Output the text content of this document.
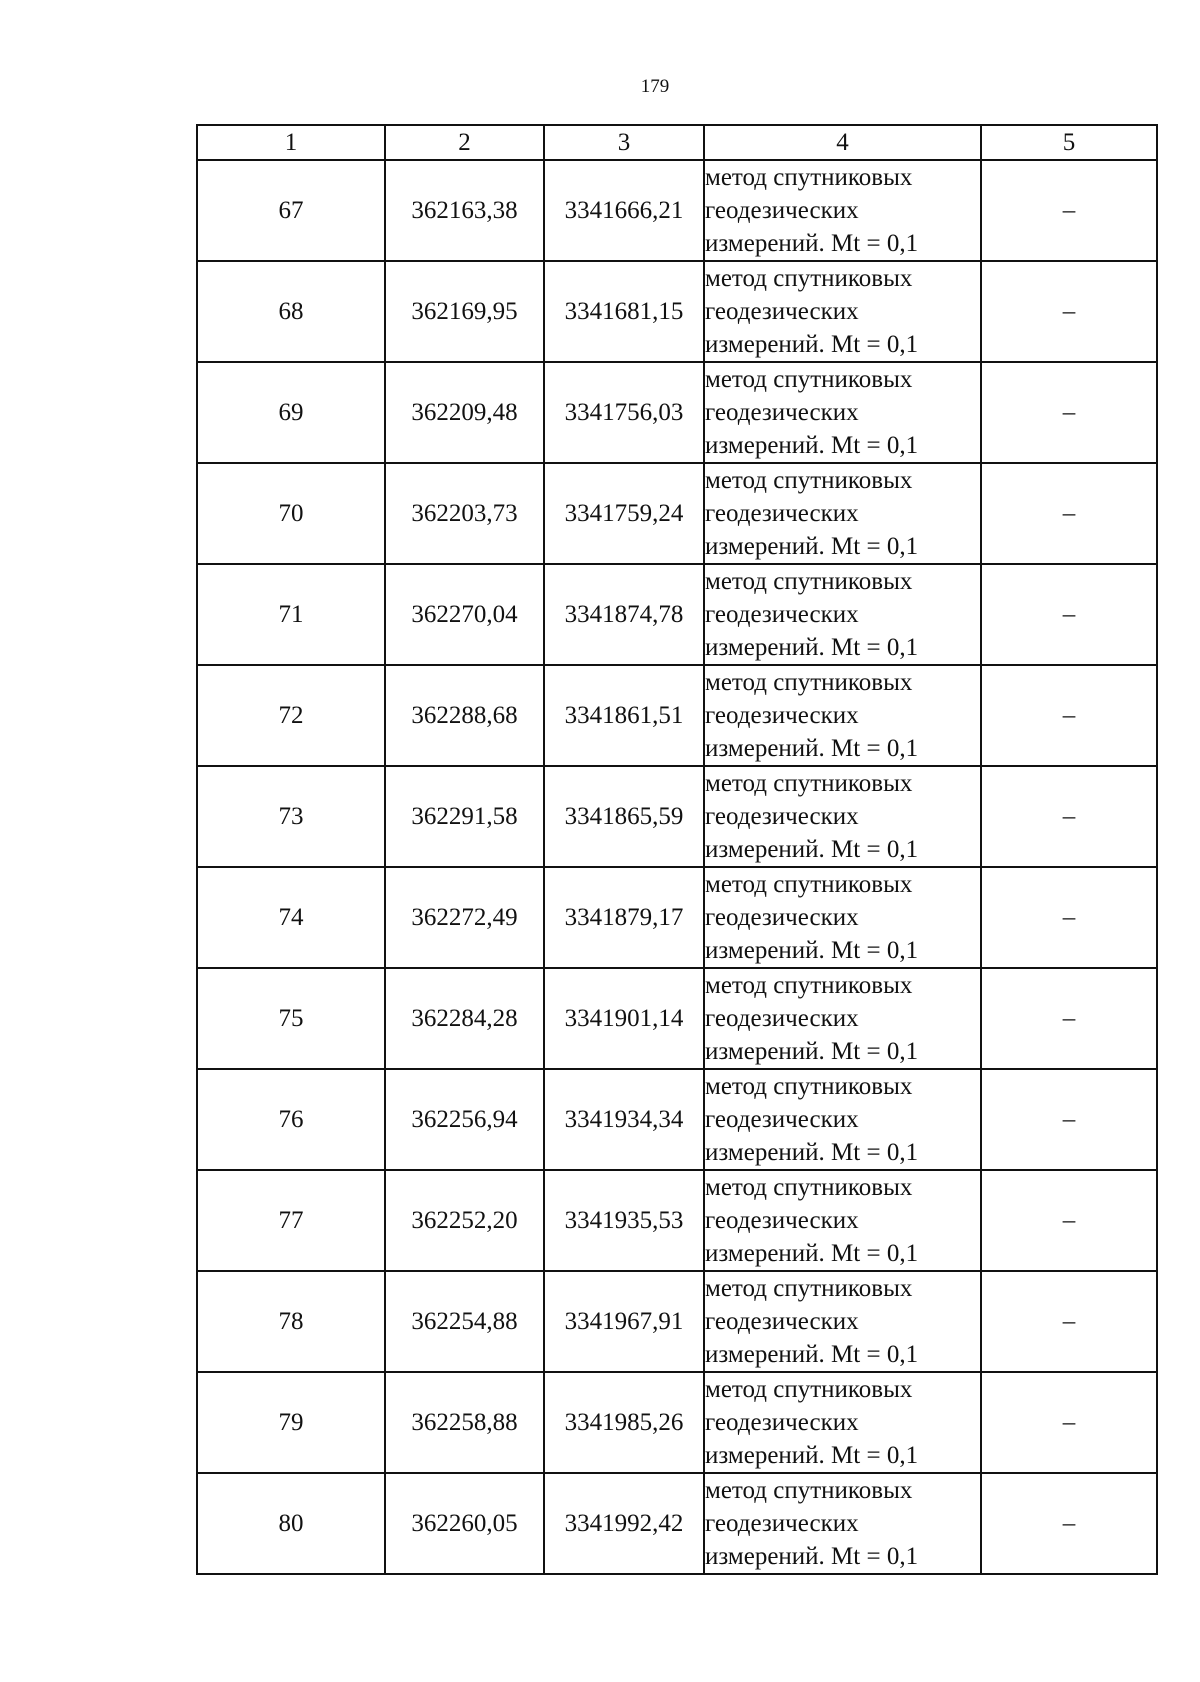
179
1	2	3	4	5
67	362163,38	3341666,21	метод спутниковых
геодезических
измерений. Mt = 0,1	–
68	362169,95	3341681,15	метод спутниковых
геодезических
измерений. Mt = 0,1	–
69	362209,48	3341756,03	метод спутниковых
геодезических
измерений. Mt = 0,1	–
70	362203,73	3341759,24	метод спутниковых
геодезических
измерений. Mt = 0,1	–
71	362270,04	3341874,78	метод спутниковых
геодезических
измерений. Mt = 0,1	–
72	362288,68	3341861,51	метод спутниковых
геодезических
измерений. Mt = 0,1	–
73	362291,58	3341865,59	метод спутниковых
геодезических
измерений. Mt = 0,1	–
74	362272,49	3341879,17	метод спутниковых
геодезических
измерений. Mt = 0,1	–
75	362284,28	3341901,14	метод спутниковых
геодезических
измерений. Mt = 0,1	–
76	362256,94	3341934,34	метод спутниковых
геодезических
измерений. Mt = 0,1	–
77	362252,20	3341935,53	метод спутниковых
геодезических
измерений. Mt = 0,1	–
78	362254,88	3341967,91	метод спутниковых
геодезических
измерений. Mt = 0,1	–
79	362258,88	3341985,26	метод спутниковых
геодезических
измерений. Mt = 0,1	–
80	362260,05	3341992,42	метод спутниковых
геодезических
измерений. Mt = 0,1	–
